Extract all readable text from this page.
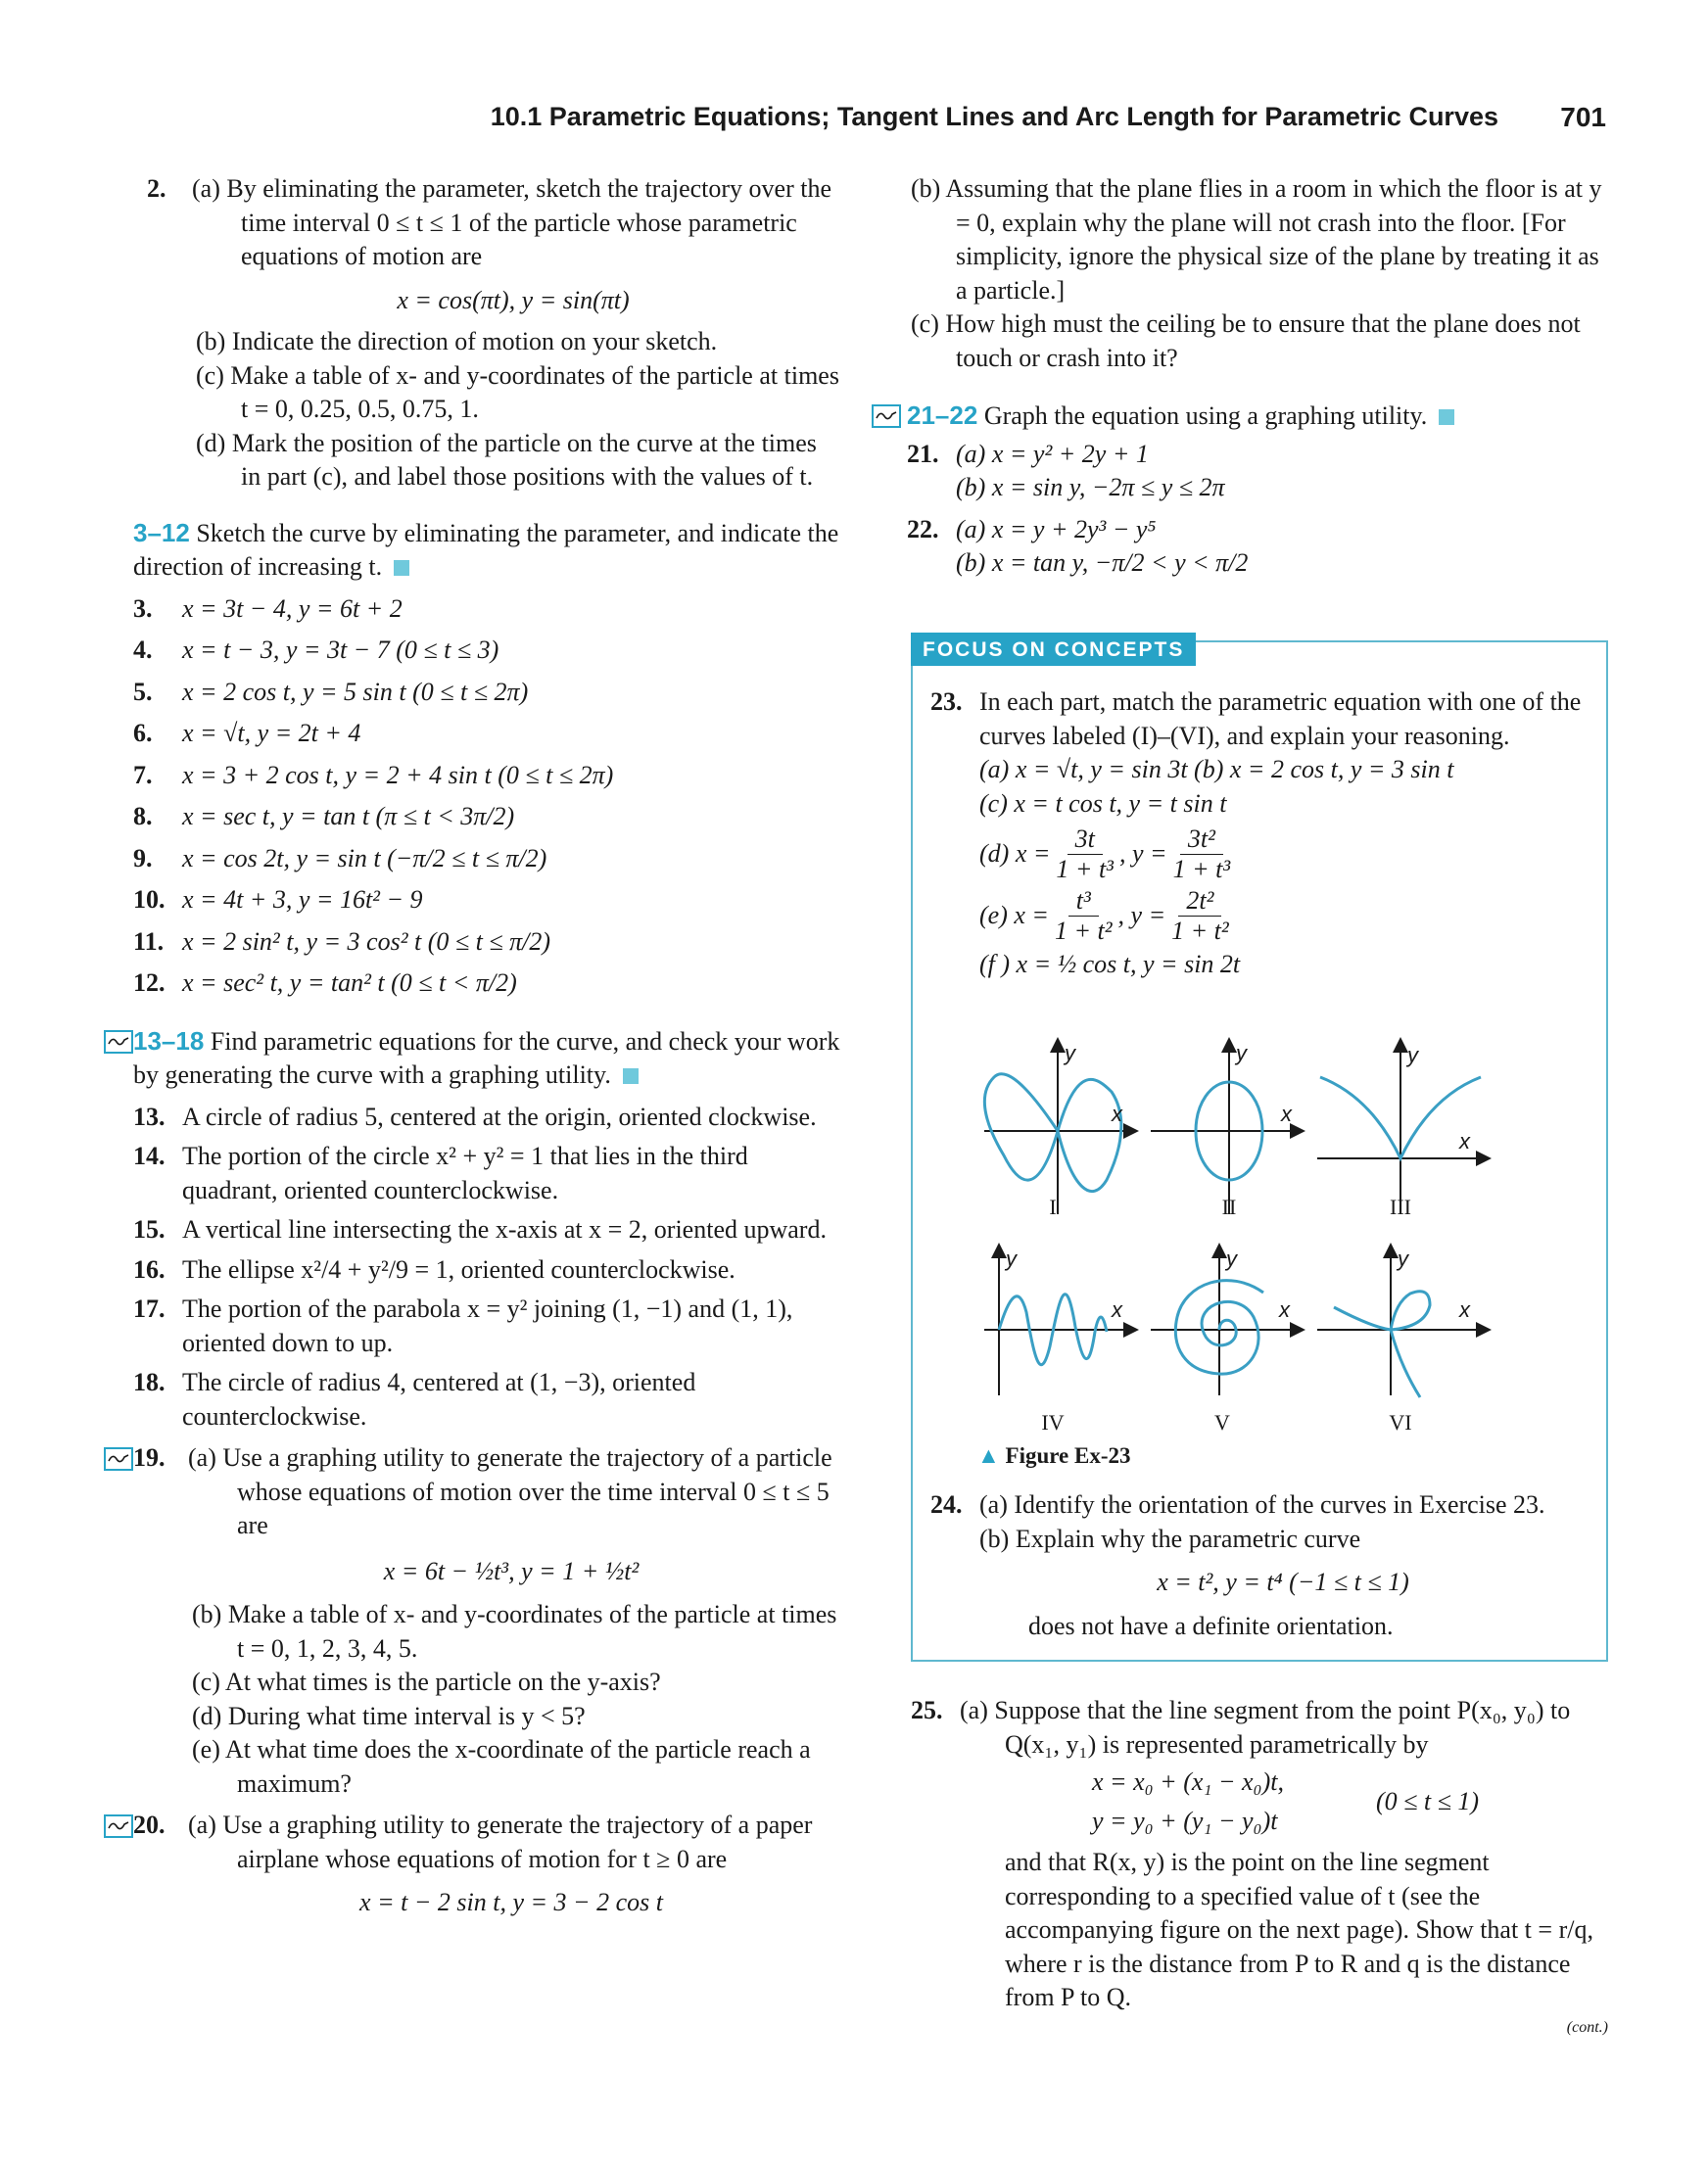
10.1 Parametric Equations; Tangent Lines and Arc Length for Parametric Curves 701
2.	(a) By eliminating the parameter, sketch the trajectory over the time interval 0 ≤ t ≤ 1 of the particle whose parametric equations of motion are
x = cos(πt), y = sin(πt)
(b) Indicate the direction of motion on your sketch.
(c) Make a table of x- and y-coordinates of the particle at times t = 0, 0.25, 0.5, 0.75, 1.
(d) Mark the position of the particle on the curve at the times in part (c), and label those positions with the values of t.
3–12 Sketch the curve by eliminating the parameter, and indicate the direction of increasing t.
3.	x = 3t − 4, y = 6t + 2
4.	x = t − 3, y = 3t − 7 (0 ≤ t ≤ 3)
5.	x = 2 cos t, y = 5 sin t (0 ≤ t ≤ 2π)
6.	x = √t, y = 2t + 4
7.	x = 3 + 2 cos t, y = 2 + 4 sin t (0 ≤ t ≤ 2π)
8.	x = sec t, y = tan t (π ≤ t < 3π/2)
9.	x = cos 2t, y = sin t (−π/2 ≤ t ≤ π/2)
10. x = 4t + 3, y = 16t² − 9
11. x = 2 sin² t, y = 3 cos² t (0 ≤ t ≤ π/2)
12. x = sec² t, y = tan² t (0 ≤ t < π/2)
13–18 Find parametric equations for the curve, and check your work by generating the curve with a graphing utility.
13. A circle of radius 5, centered at the origin, oriented clockwise.
14. The portion of the circle x² + y² = 1 that lies in the third quadrant, oriented counterclockwise.
15. A vertical line intersecting the x-axis at x = 2, oriented upward.
16. The ellipse x²/4 + y²/9 = 1, oriented counterclockwise.
17. The portion of the parabola x = y² joining (1, −1) and (1, 1), oriented down to up.
18. The circle of radius 4, centered at (1, −3), oriented counterclockwise.
19. (a) Use a graphing utility to generate the trajectory of a particle whose equations of motion over the time interval 0 ≤ t ≤ 5 are
x = 6t − ½t³, y = 1 + ½t²
(b) Make a table of x- and y-coordinates of the particle at times t = 0, 1, 2, 3, 4, 5.
(c) At what times is the particle on the y-axis?
(d) During what time interval is y < 5?
(e) At what time does the x-coordinate of the particle reach a maximum?
20. (a) Use a graphing utility to generate the trajectory of a paper airplane whose equations of motion for t ≥ 0 are
x = t − 2 sin t, y = 3 − 2 cos t
(b) Assuming that the plane flies in a room in which the floor is at y = 0, explain why the plane will not crash into the floor. [For simplicity, ignore the physical size of the plane by treating it as a particle.]
(c) How high must the ceiling be to ensure that the plane does not touch or crash into it?
21–22 Graph the equation using a graphing utility.
21. (a) x = y² + 2y + 1
(b) x = sin y, −2π ≤ y ≤ 2π
22. (a) x = y + 2y³ − y⁵
(b) x = tan y, −π/2 < y < π/2
FOCUS ON CONCEPTS
23. In each part, match the parametric equation with one of the curves labeled (I)–(VI), and explain your reasoning.
(a) x = √t, y = sin 3t (b) x = 2 cos t, y = 3 sin t
(c) x = t cos t, y = t sin t
(d) $x = \frac{3t}{\text{1 + t³}}$ , $y = \frac{\text{3t²}}{\text{1 + t³}}$
(e) $x = \frac{\text{t³}}{\text{1 + t²}}$ , $y = \frac{\text{2t²}}{\text{1 + t²}}$
(f ) x = ½ cos t, y = sin 2t
y
x
y
x
y
x
y
x
y
x
y
x
I	II	III
IV	V	VI
▲ Figure Ex-23
24. (a) Identify the orientation of the curves in Exercise 23.
(b) Explain why the parametric curve
x = t², y = t⁴ (−1 ≤ t ≤ 1)
does not have a definite orientation.
25. (a) Suppose that the line segment from the point P(x₀, y₀) to Q(x₁, y₁) is represented parametrically by
x = x₀ + (x₁ − x₀)t,
y = y₀ + (y₁ − y₀)t
(0 ≤ t ≤ 1)
and that R(x, y) is the point on the line segment corresponding to a specified value of t (see the accompanying figure on the next page). Show that t = r/q, where r is the distance from P to R and q is the distance from P to Q.
(cont.)
